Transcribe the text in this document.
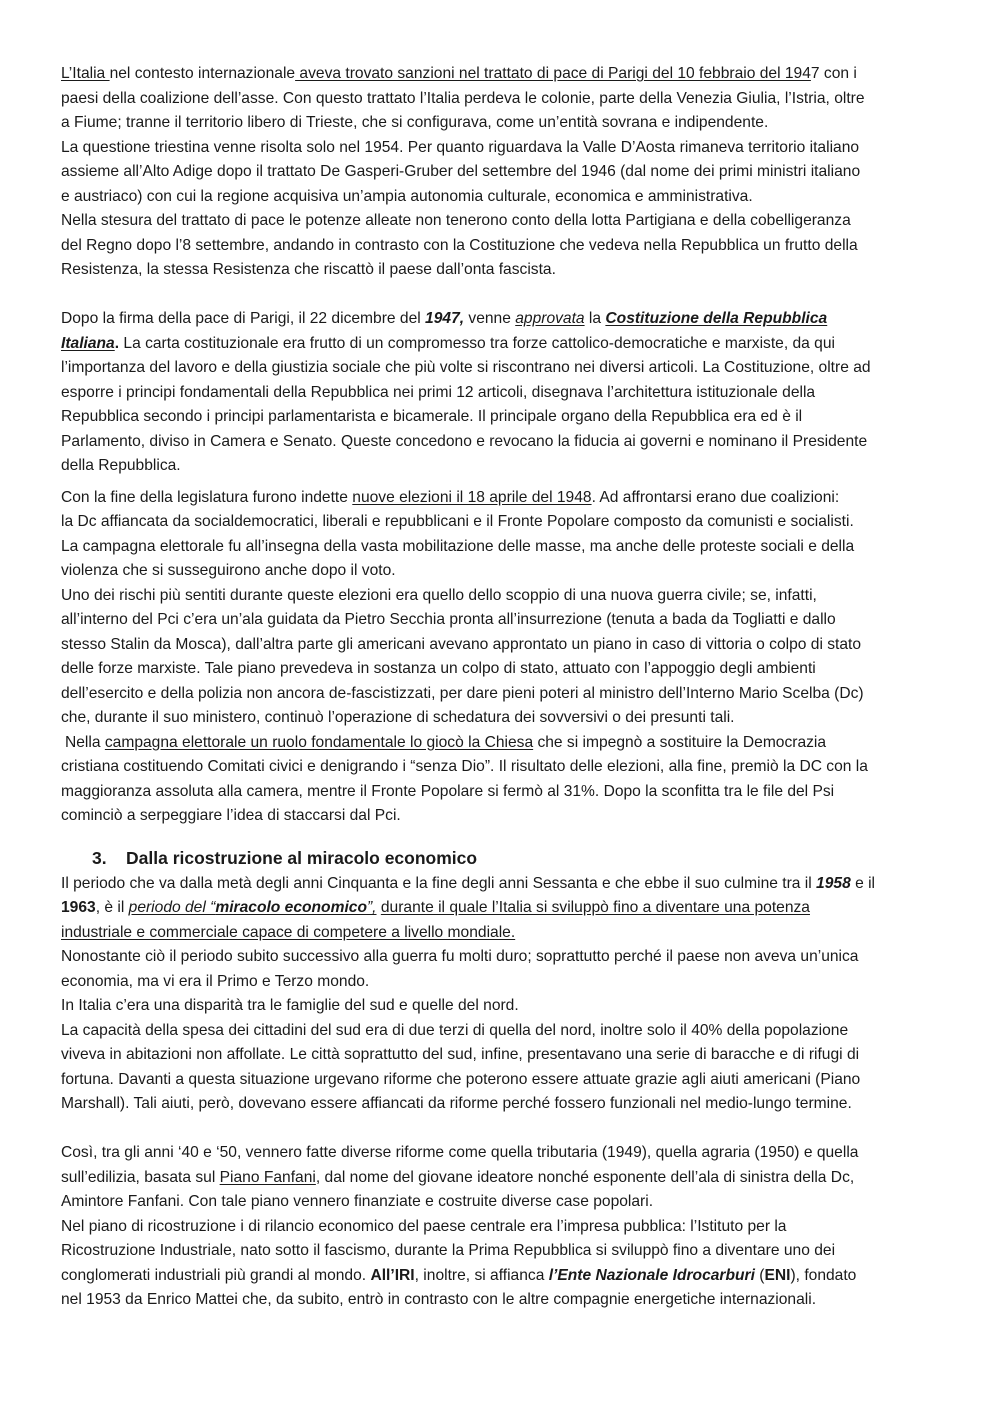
L’Italia nel contesto internazionale aveva trovato sanzioni nel trattato di pace di Parigi del 10 febbraio del 1947 con i
paesi della coalizione dell’asse. Con questo trattato l’Italia perdeva le colonie, parte della Venezia Giulia, l’Istria, oltre
a Fiume; tranne il territorio libero di Trieste, che si configurava, come un’entità sovrana e indipendente.
La questione triestina venne risolta solo nel 1954. Per quanto riguardava la Valle D’Aosta rimaneva territorio italiano
assieme all’Alto Adige dopo il trattato De Gasperi-Gruber del settembre del 1946 (dal nome dei primi ministri italiano
e austriaco) con cui la regione acquisiva un’ampia autonomia culturale, economica e amministrativa.
Nella stesura del trattato di pace le potenze alleate non tenerono conto della lotta Partigiana e della cobelligeranza
del Regno dopo l’8 settembre, andando in contrasto con la Costituzione che vedeva nella Repubblica un frutto della
Resistenza, la stessa Resistenza che riscattò il paese dall’onta fascista.
Dopo la firma della pace di Parigi, il 22 dicembre del 1947, venne approvata la Costituzione della Repubblica
Italiana. La carta costituzionale era frutto di un compromesso tra forze cattolico-democratiche e marxiste, da qui
l’importanza del lavoro e della giustizia sociale che più volte si riscontrano nei diversi articoli. La Costituzione, oltre ad
esporre i principi fondamentali della Repubblica nei primi 12 articoli, disegnava l’architettura istituzionale della
Repubblica secondo i principi parlamentarista e bicamerale. Il principale organo della Repubblica era ed è il
Parlamento, diviso in Camera e Senato. Queste concedono e revocano la fiducia ai governi e nominano il Presidente
della Repubblica.
Con la fine della legislatura furono indette nuove elezioni il 18 aprile del 1948. Ad affrontarsi erano due coalizioni:
la Dc affiancata da socialdemocratici, liberali e repubblicani e il Fronte Popolare composto da comunisti e socialisti.
La campagna elettorale fu all’insegna della vasta mobilitazione delle masse, ma anche delle proteste sociali e della
violenza che si susseguirono anche dopo il voto.
Uno dei rischi più sentiti durante queste elezioni era quello dello scoppio di una nuova guerra civile; se, infatti,
all’interno del Pci c’era un’ala guidata da Pietro Secchia pronta all’insurrezione (tenuta a bada da Togliatti e dallo
stesso Stalin da Mosca), dall’altra parte gli americani avevano approntato un piano in caso di vittoria o colpo di stato
delle forze marxiste. Tale piano prevedeva in sostanza un colpo di stato, attuato con l’appoggio degli ambienti
dell’esercito e della polizia non ancora de-fascistizzati, per dare pieni poteri al ministro dell’Interno Mario Scelba (Dc)
che, durante il suo ministero, continuò l’operazione di schedatura dei sovversivi o dei presunti tali.
Nella campagna elettorale un ruolo fondamentale lo giocò la Chiesa che si impegnò a sostituire la Democrazia
cristiana costituendo Comitati civici e denigrando i “senza Dio”. Il risultato delle elezioni, alla fine, premiò la DC con la
maggioranza assoluta alla camera, mentre il Fronte Popolare si fermò al 31%. Dopo la sconfitta tra le file del Psi
cominciò a serpeggiare l’idea di staccarsi dal Pci.
3. Dalla ricostruzione al miracolo economico
Il periodo che va dalla metà degli anni Cinquanta e la fine degli anni Sessanta e che ebbe il suo culmine tra il 1958 e il
1963, è il periodo del “miracolo economico”, durante il quale l’Italia si sviluppò fino a diventare una potenza
industriale e commerciale capace di competere a livello mondiale.
Nonostante ciò il periodo subito successivo alla guerra fu molti duro; soprattutto perché il paese non aveva un’unica
economia, ma vi era il Primo e Terzo mondo.
In Italia c’era una disparità tra le famiglie del sud e quelle del nord.
La capacità della spesa dei cittadini del sud era di due terzi di quella del nord, inoltre solo il 40% della popolazione
viveva in abitazioni non affollate. Le città soprattutto del sud, infine, presentavano una serie di baracche e di rifugi di
fortuna. Davanti a questa situazione urgevano riforme che poterono essere attuate grazie agli aiuti americani (Piano
Marshall). Tali aiuti, però, dovevano essere affiancati da riforme perché fossero funzionali nel medio-lungo termine.
Così, tra gli anni ‘40 e ‘50, vennero fatte diverse riforme come quella tributaria (1949), quella agraria (1950) e quella
sull’edilizia, basata sul Piano Fanfani, dal nome del giovane ideatore nonché esponente dell’ala di sinistra della Dc,
Amintore Fanfani. Con tale piano vennero finanziate e costruite diverse case popolari.
Nel piano di ricostruzione i di rilancio economico del paese centrale era l’impresa pubblica: l’Istituto per la
Ricostruzione Industriale, nato sotto il fascismo, durante la Prima Repubblica si sviluppò fino a diventare uno dei
conglomerati industriali più grandi al mondo. All’IRI, inoltre, si affianca l’Ente Nazionale Idrocarburi (ENI), fondato
nel 1953 da Enrico Mattei che, da subito, entrò in contrasto con le altre compagnie energetiche internazionali.
